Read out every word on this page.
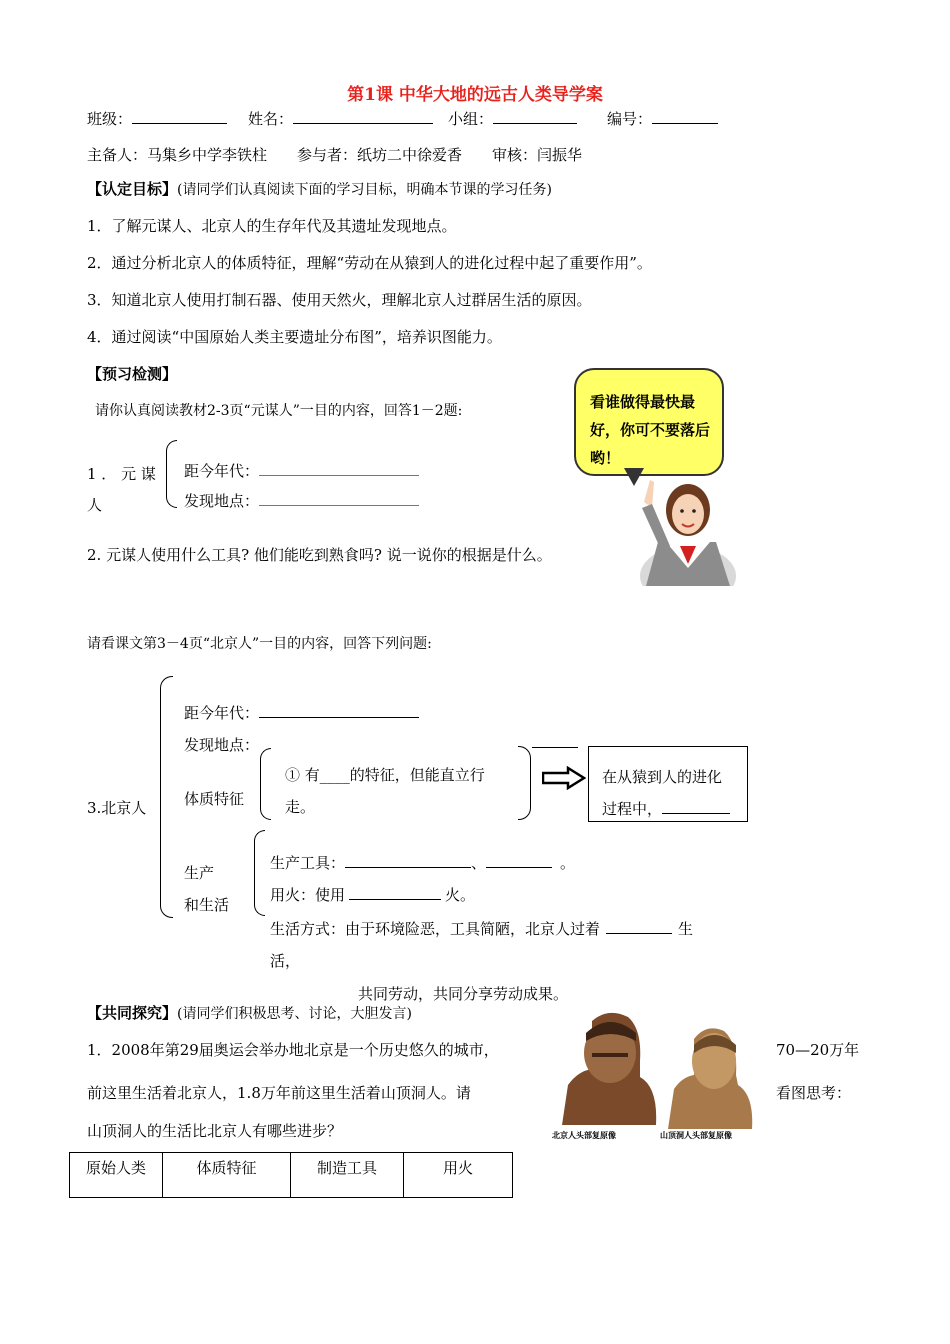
第1课 中华大地的远古人类导学案
班级：	姓名：	小组：	编号：
主备人：马集乡中学李铁柱　　参与者：纸坊二中徐爱香　　审核：闫振华
【认定目标】(请同学们认真阅读下面的学习目标，明确本节课的学习任务)
1．了解元谋人、北京人的生存年代及其遗址发现地点。
2．通过分析北京人的体质特征，理解“劳动在从猿到人的进化过程中起了重要作用”。
3．知道北京人使用打制石器、使用天然火，理解北京人过群居生活的原因。
4．通过阅读“中国原始人类主要遗址分布图”，培养识图能力。
【预习检测】
请你认真阅读教材2-3页“元谋人”一目的内容，回答1－2题:
1 ． 元 谋
人
距今年代：
发现地点：
2. 元谋人使用什么工具? 他们能吃到熟食吗? 说一说你的根据是什么。
看谁做得最快最好，你可不要落后哟！
请看课文第3－4页“北京人”一目的内容，回答下列问题:
3.北京人
距今年代：
发现地点：
体质特征
① 有____的特征，但能直立行
走。
在从猿到人的进化
过程中，
生产
和生活
生产工具：	、	。
用火：使用	火。
生活方式：由于环境险恶，工具简陋，北京人过着	生
活，
共同劳动，共同分享劳动成果。
【共同探究】(请同学们积极思考、讨论，大胆发言)
1．2008年第29届奥运会举办地北京是一个历史悠久的城市，	70—20万年
前这里生活着北京人，1.8万年前这里生活着山顶洞人。请	看图思考：
山顶洞人的生活比北京人有哪些进步？	北京人头部复原像	山顶洞人头部复原像
原始人类	体质特征	制造工具	用火
